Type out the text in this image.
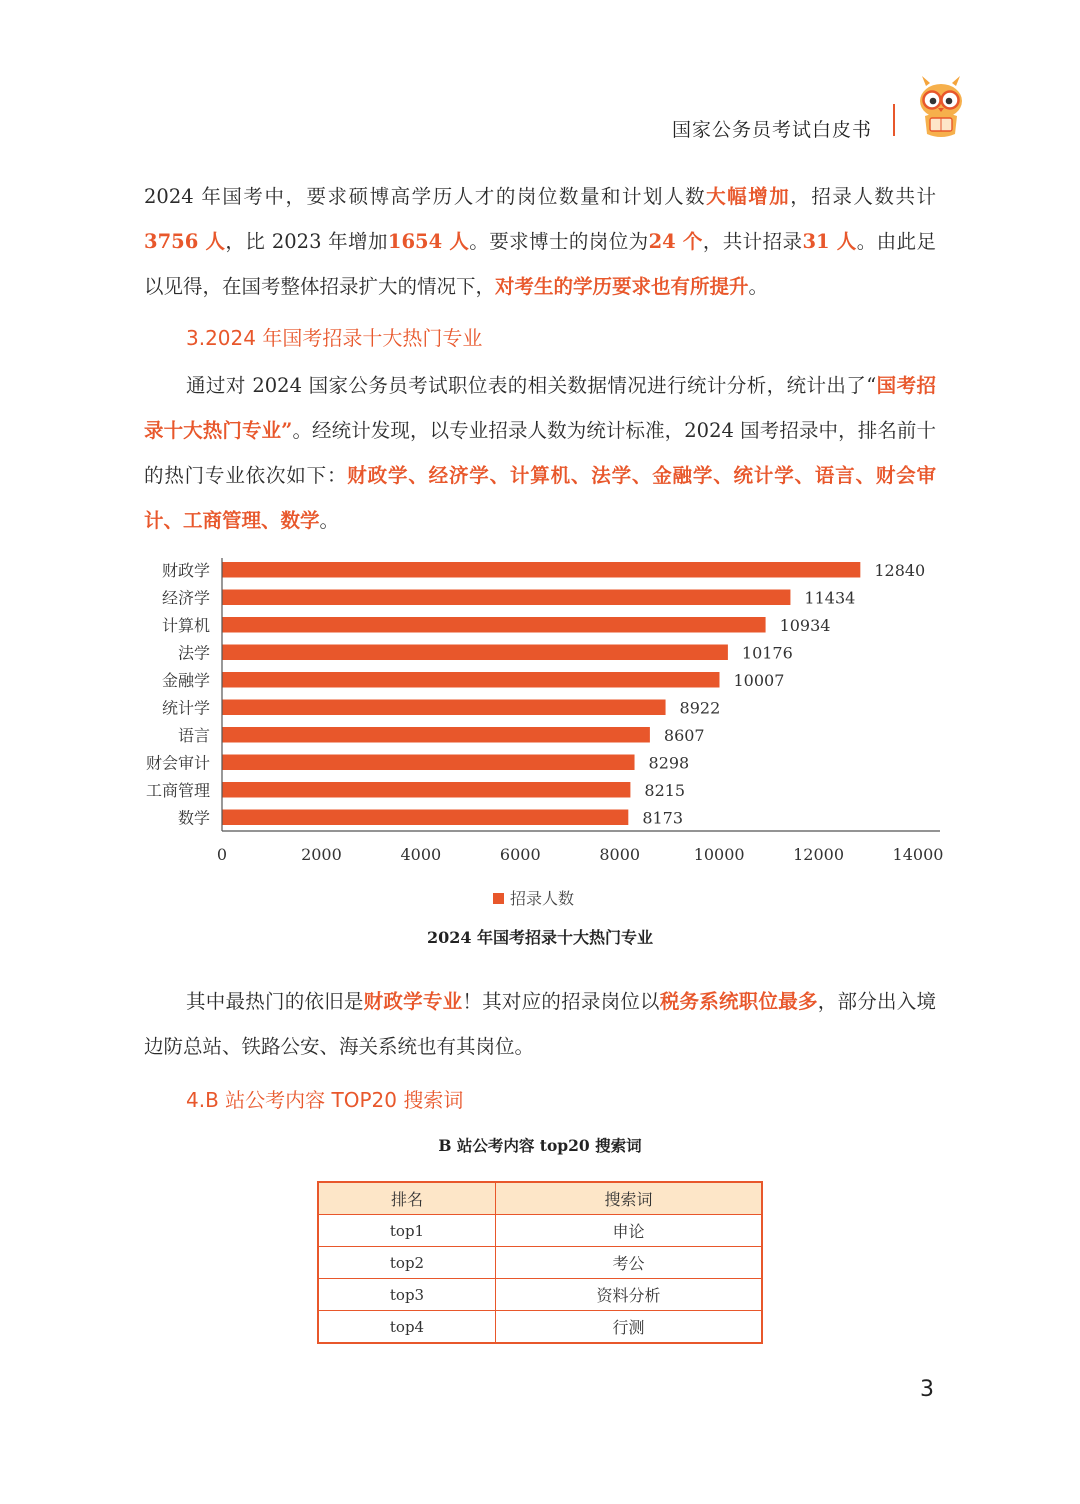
国家公务员考试白皮书
2024 年国考中，要求硕博高学历人才的岗位数量和计划人数大幅增加，招录人数共计3756 人，比 2023 年增加1654 人。要求博士的岗位为24 个，共计招录31 人。由此足以见得，在国考整体招录扩大的情况下，对考生的学历要求也有所提升。
3.2024 年国考招录十大热门专业
通过对 2024 国家公务员考试职位表的相关数据情况进行统计分析，统计出了“国考招录十大热门专业”。经统计发现，以专业招录人数为统计标准，2024 国考招录中，排名前十的热门专业依次如下：财政学、经济学、计算机、法学、金融学、统计学、语言、财会审计、工商管理、数学。
财政学
经济学
计算机
法学
金融学
统计学
语言
财会审计
工商管理
数学
12840
11434
10934
10176
10007
8922
8607
8298
8215
8173
0	2000	4000	6000	8000	10000	12000	14000
招录人数
2024 年国考招录十大热门专业
其中最热门的依旧是财政学专业！其对应的招录岗位以税务系统职位最多，部分出入境边防总站、铁路公安、海关系统也有其岗位。
4.B 站公考内容 TOP20 搜索词
B 站公考内容 top20 搜索词
排名	搜索词
top1	申论
top2	考公
top3	资料分析
top4	行测
3
